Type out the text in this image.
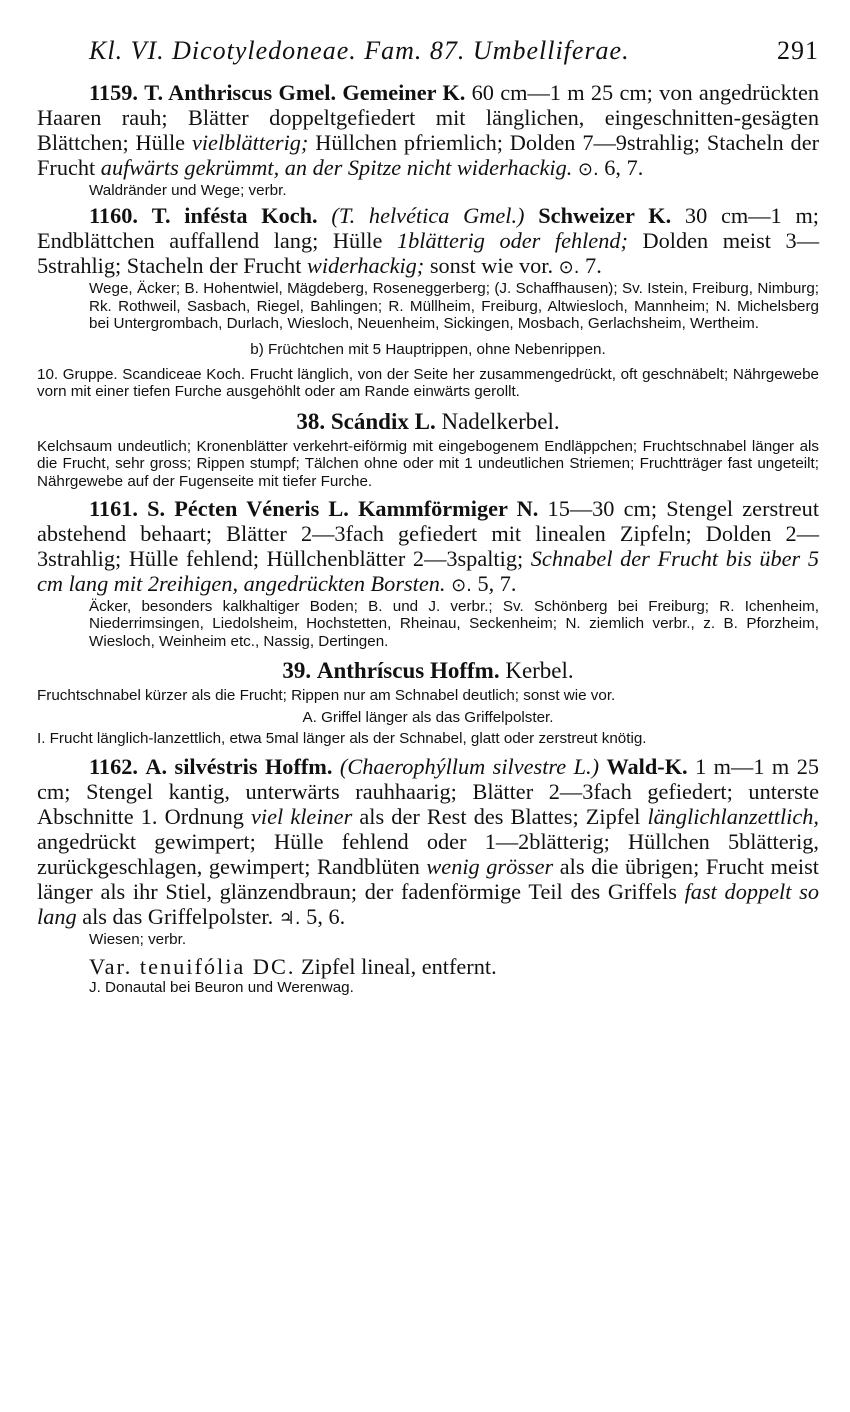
Kl. VI. Dicotyledoneae. Fam. 87. Umbelliferae.	291

1159. T. Anthriscus Gmel. Gemeiner K. 60 cm—1 m 25 cm; von angedrückten Haaren rauh; Blätter doppeltgefiedert mit länglichen, eingeschnitten-gesägten Blättchen; Hülle vielblätterig; Hüllchen pfriemlich; Dolden 7—9strahlig; Stacheln der Frucht aufwärts gekrümmt, an der Spitze nicht widerhackig. ⊙. 6, 7.

Waldränder und Wege; verbr.

1160. T. inféstа Koch. (T. helvética Gmel.) Schweizer K. 30 cm—1 m; Endblättchen auffallend lang; Hülle 1blätterig oder fehlend; Dolden meist 3—5strahlig; Stacheln der Frucht widerhackig; sonst wie vor. ⊙. 7.

Wege, Äcker; B. Hohentwiel, Mägdeberg, Roseneggerberg; (J. Schaffhausen); Sv. Istein, Freiburg, Nimburg; Rk. Rothweil, Sasbach, Riegel, Bahlingen; R. Müllheim, Freiburg, Altwiesloch, Mannheim; N. Michelsberg bei Untergrombach, Durlach, Wiesloch, Neuenheim, Sickingen, Mosbach, Gerlachsheim, Wertheim.

b) Früchtchen mit 5 Hauptrippen, ohne Nebenrippen.

10. Gruppe. Scandiceae Koch. Frucht länglich, von der Seite her zusammengedrückt, oft geschnäbelt; Nährgewebe vorn mit einer tiefen Furche ausgehöhlt oder am Rande einwärts gerollt.

38. Scándix L. Nadelkerbel.

Kelchsaum undeutlich; Kronenblätter verkehrt-eiförmig mit eingebogenem Endläppchen; Fruchtschnabel länger als die Frucht, sehr gross; Rippen stumpf; Tälchen ohne oder mit 1 undeutlichen Striemen; Fruchtträger fast ungeteilt; Nährgewebe auf der Fugenseite mit tiefer Furche.

1161. S. Pécten Véneris L. Kammförmiger N. 15—30 cm; Stengel zerstreut abstehend behaart; Blätter 2—3fach gefiedert mit linealen Zipfeln; Dolden 2—3strahlig; Hülle fehlend; Hüllchenblätter 2—3spaltig; Schnabel der Frucht bis über 5 cm lang mit 2reihigen, angedrückten Borsten. ⊙. 5, 7.

Äcker, besonders kalkhaltiger Boden; B. und J. verbr.; Sv. Schönberg bei Freiburg; R. Ichenheim, Niederrimsingen, Liedolsheim, Hochstetten, Rheinau, Seckenheim; N. ziemlich verbr., z. B. Pforzheim, Wiesloch, Weinheim etc., Nassig, Dertingen.

39. Anthríscus Hoffm. Kerbel.

Fruchtschnabel kürzer als die Frucht; Rippen nur am Schnabel deutlich; sonst wie vor.

A. Griffel länger als das Griffelpolster.

I. Frucht länglich-lanzettlich, etwa 5mal länger als der Schnabel, glatt oder zerstreut knötig.

1162. A. silvéstris Hoffm. (Chaerophýllum silvestre L.) Wald-K. 1 m—1 m 25 cm; Stengel kantig, unterwärts rauhhaarig; Blätter 2—3fach gefiedert; unterste Abschnitte 1. Ordnung viel kleiner als der Rest des Blattes; Zipfel länglichlanzettlich, angedrückt gewimpert; Hülle fehlend oder 1—2blätterig; Hüllchen 5blätterig, zurückgeschlagen, gewimpert; Randblüten wenig grösser als die übrigen; Frucht meist länger als ihr Stiel, glänzendbraun; der fadenförmige Teil des Griffels fast doppelt so lang als das Griffelpolster. ♃. 5, 6.

Wiesen; verbr.

Var. tenuifólia DC. Zipfel lineal, entfernt.

J. Donautal bei Beuron und Werenwag.
